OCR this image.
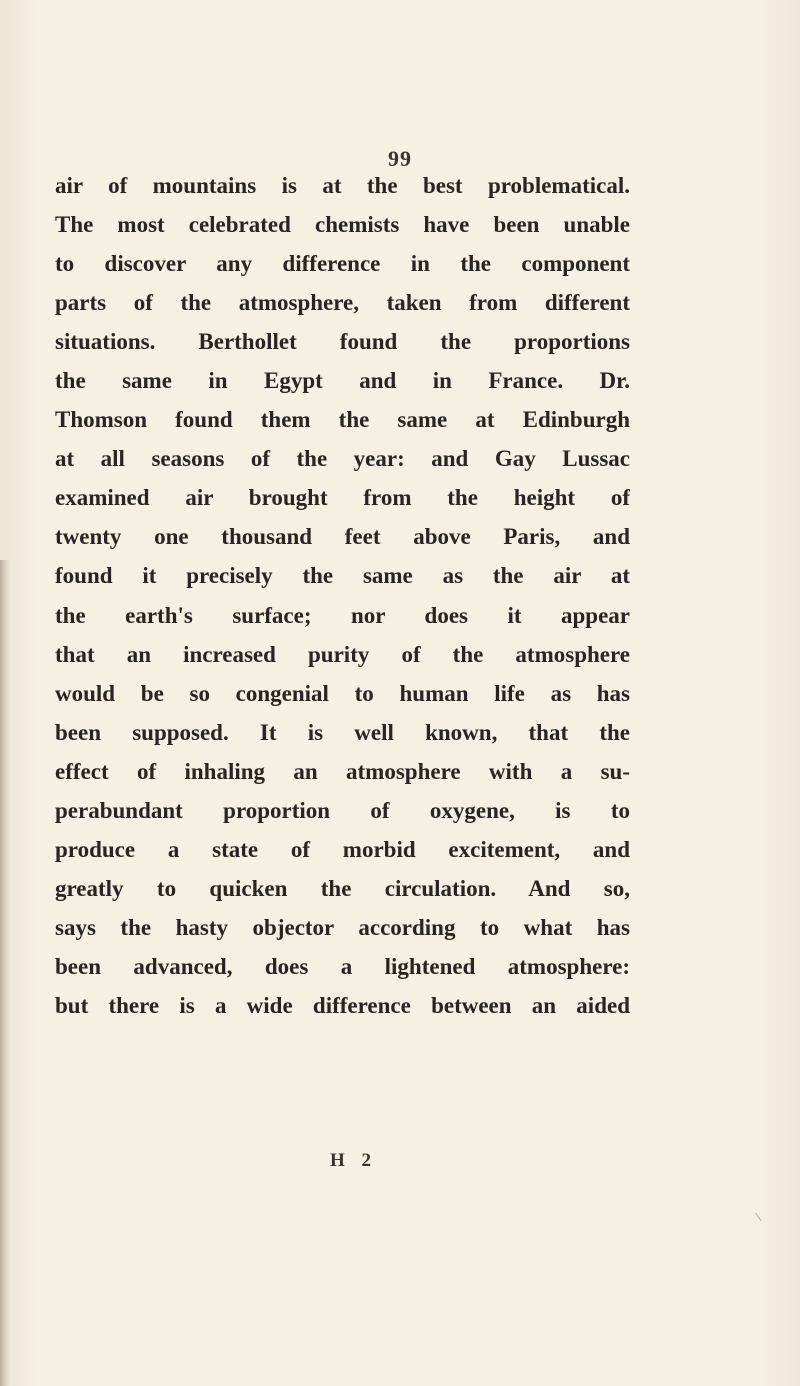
99
air of mountains is at the best problematical.
The most celebrated chemists have been unable
to discover any difference in the component
parts of the atmosphere, taken from different
situations. Berthollet found the proportions
the same in Egypt and in France. Dr.
Thomson found them the same at Edinburgh
at all seasons of the year: and Gay Lussac
examined air brought from the height of
twenty one thousand feet above Paris, and
found it precisely the same as the air at
the earth's surface; nor does it appear
that an increased purity of the atmosphere
would be so congenial to human life as has
been supposed. It is well known, that the
effect of inhaling an atmosphere with a su-
perabundant proportion of oxygene, is to
produce a state of morbid excitement, and
greatly to quicken the circulation. And so,
says the hasty objector according to what has
been advanced, does a lightened atmosphere:
but there is a wide difference between an aided
H 2
